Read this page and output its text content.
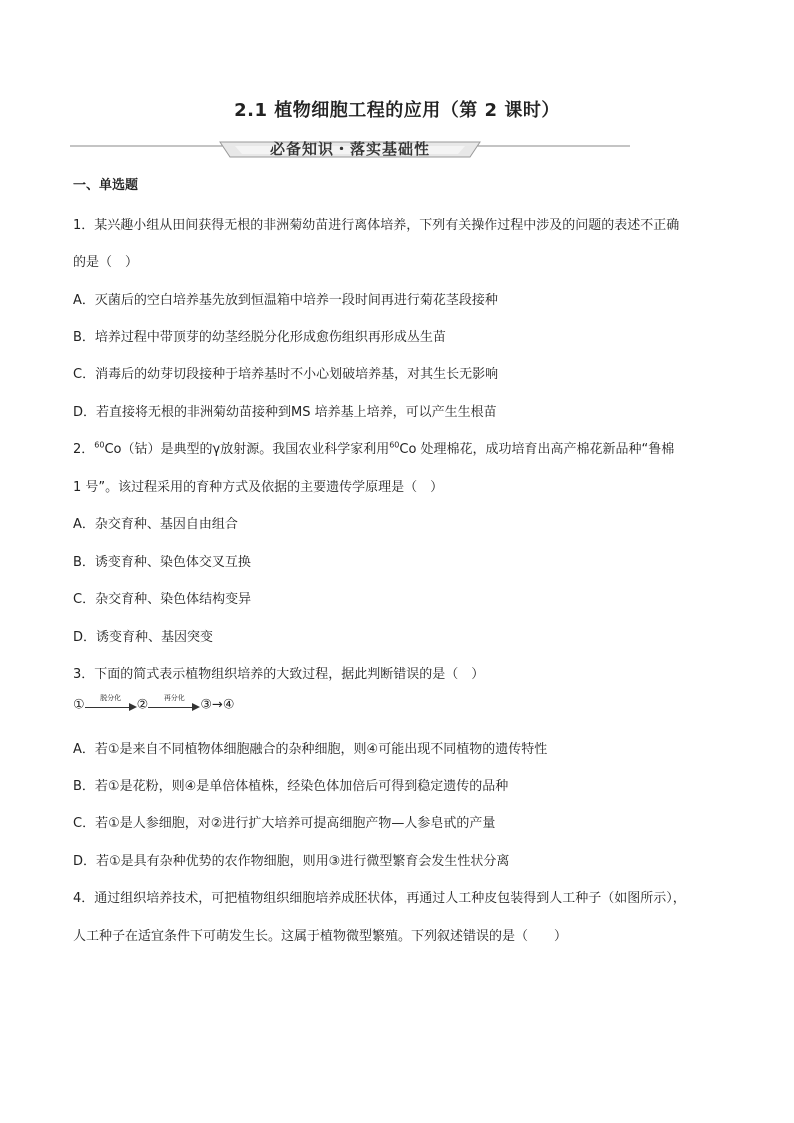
2.1 植物细胞工程的应用（第 2 课时）
必备知识・落实基础性
一、单选题
1．某兴趣小组从田间获得无根的非洲菊幼苗进行离体培养，下列有关操作过程中涉及的问题的表述不正确
的是（　）
A．灭菌后的空白培养基先放到恒温箱中培养一段时间再进行菊花茎段接种
B．培养过程中带顶芽的幼茎经脱分化形成愈伤组织再形成丛生苗
C．消毒后的幼芽切段接种于培养基时不小心划破培养基，对其生长无影响
D．若直接将无根的非洲菊幼苗接种到MS 培养基上培养，可以产生生根苗
2．$^{60}$Co（钴）是典型的γ放射源。我国农业科学家利用$^{60}$Co 处理棉花，成功培育出高产棉花新品种“鲁棉
1 号”。该过程采用的育种方式及依据的主要遗传学原理是（　）
A．杂交育种、基因自由组合
B．诱变育种、染色体交叉互换
C．杂交育种、染色体结构变异
D．诱变育种、基因突变
3．下面的简式表示植物组织培养的大致过程，据此判断错误的是（　）
①	脱分化	②	再分化	③→④
A．若①是来自不同植物体细胞融合的杂种细胞，则④可能出现不同植物的遗传特性
B．若①是花粉，则④是单倍体植株，经染色体加倍后可得到稳定遗传的品种
C．若①是人参细胞，对②进行扩大培养可提高细胞产物—人参皂甙的产量
D．若①是具有杂种优势的农作物细胞，则用③进行微型繁育会发生性状分离
4．通过组织培养技术，可把植物组织细胞培养成胚状体，再通过人工种皮包装得到人工种子（如图所示），
人工种子在适宜条件下可萌发生长。这属于植物微型繁殖。下列叙述错误的是（　　）
